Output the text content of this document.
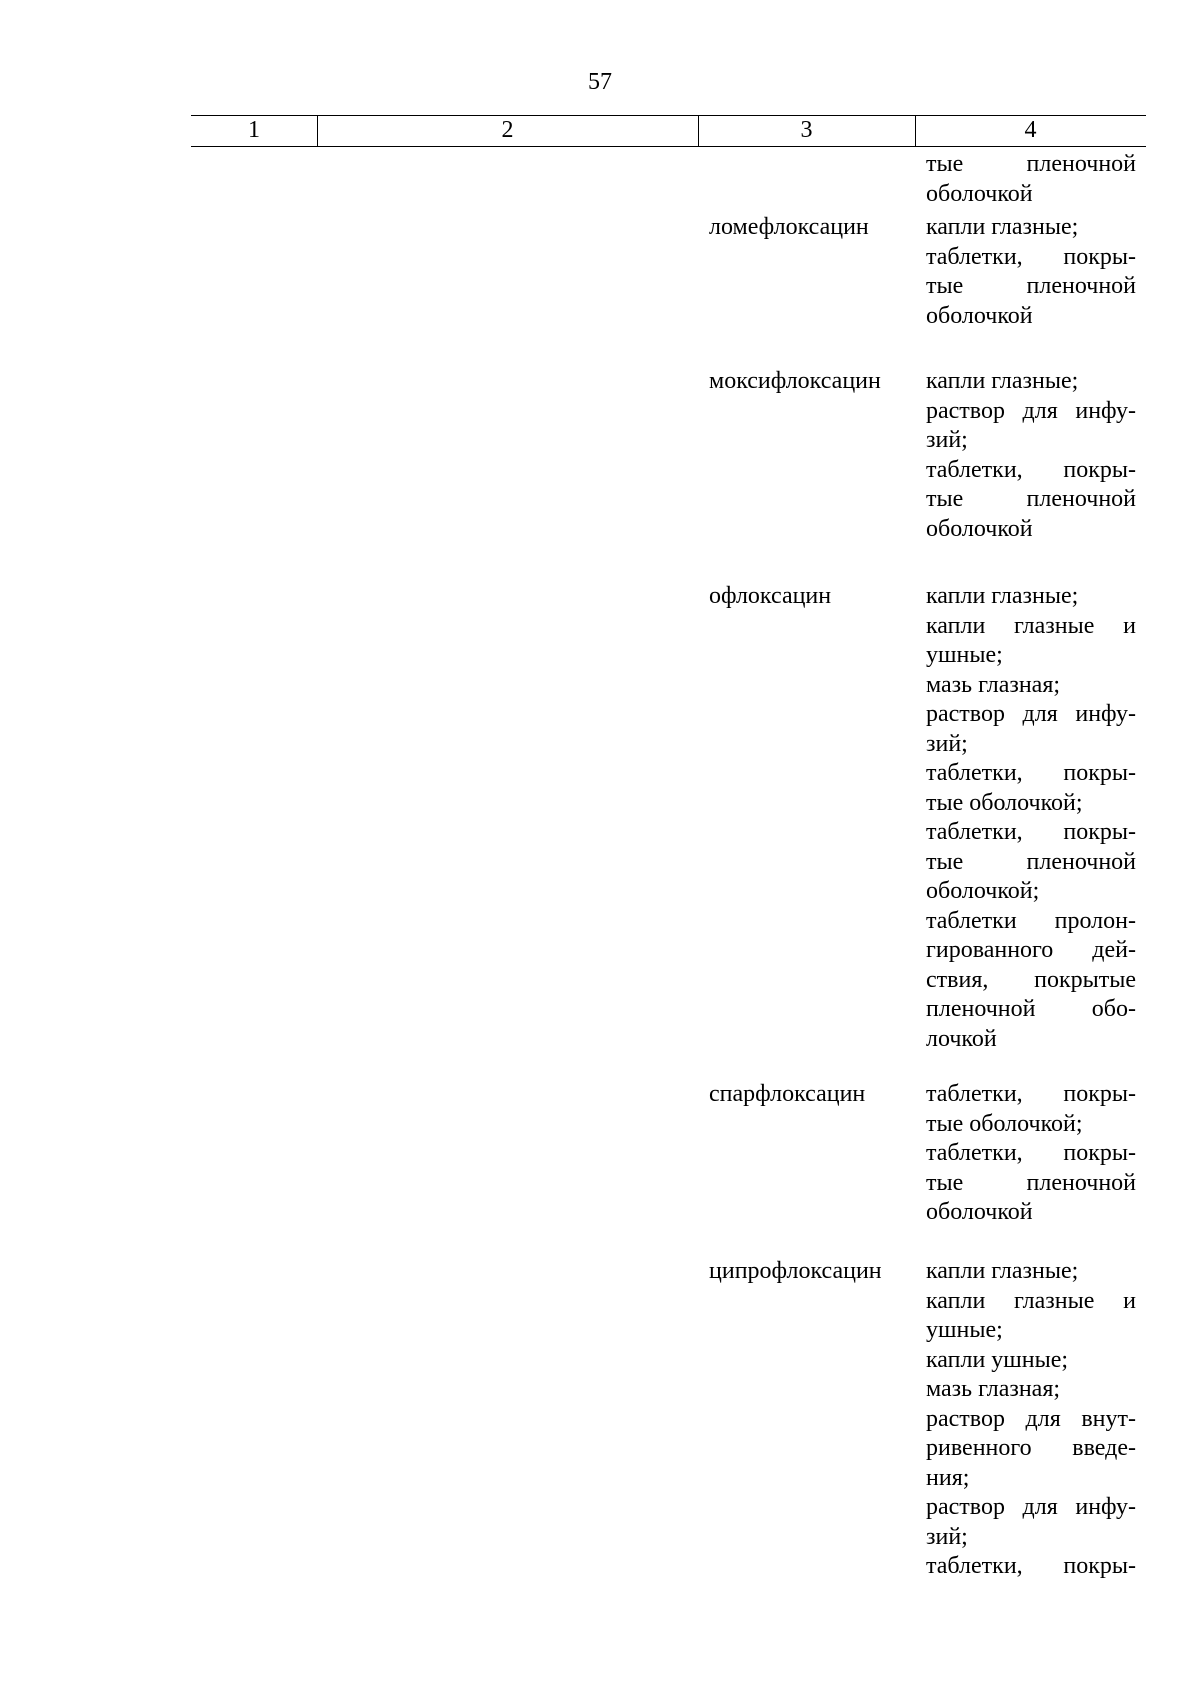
57
1	2	3	4
тые пленочной
оболочкой
ломефлоксацин капли глазные;
таблетки, покры-
тые пленочной
оболочкой
моксифлоксацин капли глазные;
раствор для инфу-
зий;
таблетки, покры-
тые пленочной
оболочкой
офлоксацин	капли глазные;
капли глазные и
ушные;
мазь глазная;
раствор для инфу-
зий;
таблетки, покры-
тые оболочкой;
таблетки, покры-
тые пленочной
оболочкой;
таблетки пролон-
гированного дей-
ствия, покрытые
пленочной обо-
лочкой
спарфлоксацин	таблетки, покры-
тые оболочкой;
таблетки, покры-
тые пленочной
оболочкой
ципрофлоксацин капли глазные;
капли глазные и
ушные;
капли ушные;
мазь глазная;
раствор для внут-
ривенного введе-
ния;
раствор для инфу-
зий;
таблетки, покры-
